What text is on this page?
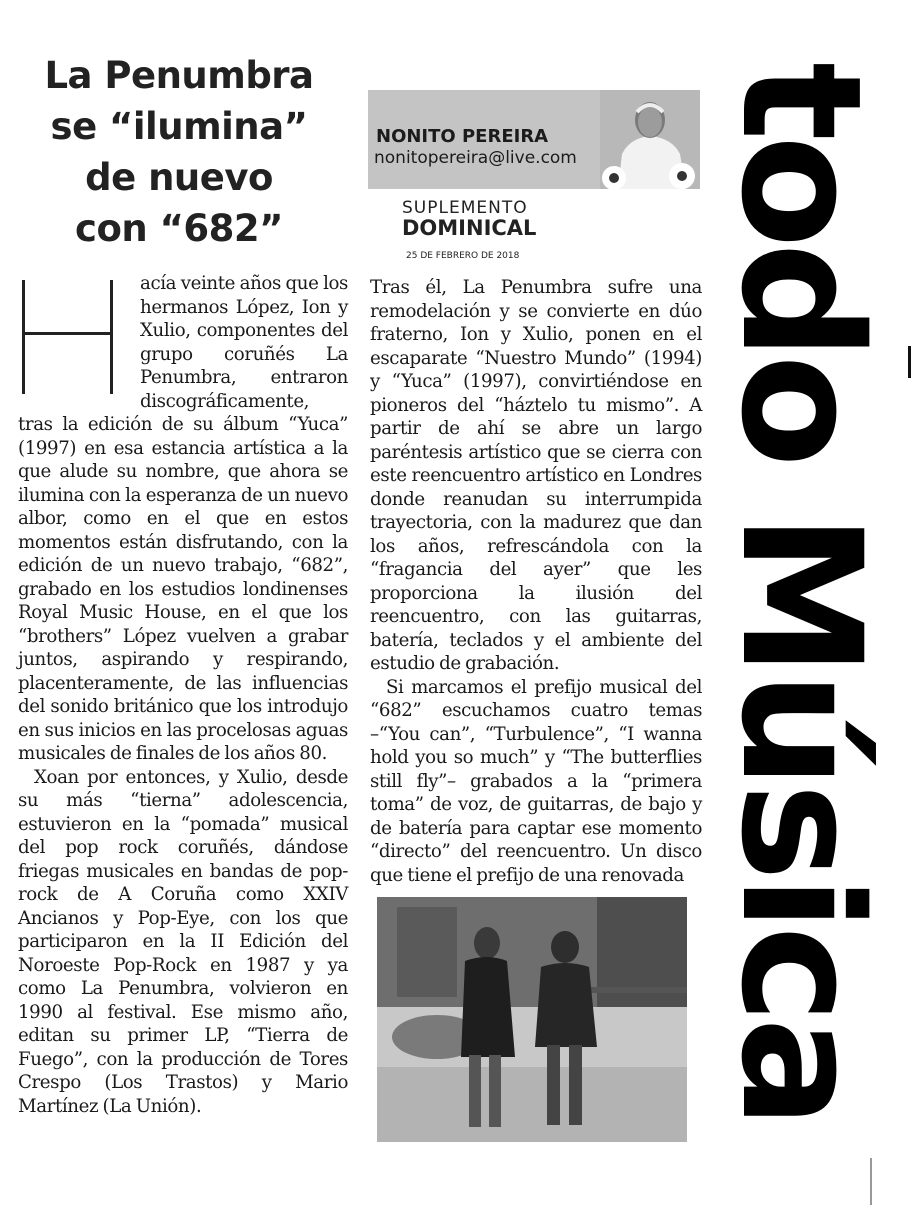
La Penumbra
se “ilumina”
de nuevo
con “682”
NONITO PEREIRA
nonitopereira@live.com
SUPLEMENTO
DOMINICAL
25 DE FEBRERO DE 2018

acía veinte años que los hermanos López, Ion y Xulio, componentes del grupo coruñés La Penumbra, entraron discográficamente, tras la edición de su álbum “Yuca” (1997) en esa estancia artística a la que alude su nombre, que ahora se ilumina con la esperanza de un nuevo albor, como en el que en estos momentos están disfrutando, con la edición de un nuevo trabajo, “682”, grabado en los estudios londinenses Royal Music House, en el que los “brothers” López vuelven a grabar juntos, aspirando y respirando, placenteramente, de las influencias del sonido británico que los introdujo en sus inicios en las procelosas aguas musicales de finales de los años 80.

Xoan por entonces, y Xulio, desde su más “tierna” adolescencia, estuvieron en la “pomada” musical del pop rock coruñés, dándose friegas musicales en bandas de pop-rock de A Coruña como XXIV Ancianos y Pop-Eye, con los que participaron en la II Edición del Noroeste Pop-Rock en 1987 y ya como La Penumbra, volvieron en 1990 al festival. Ese mismo año, editan su primer LP, “Tierra de Fuego”, con la producción de Tores Crespo (Los Trastos) y Mario Martínez (La Unión).

Tras él, La Penumbra sufre una remodelación y se convierte en dúo fraterno, Ion y Xulio, ponen en el escaparate “Nuestro Mundo” (1994) y “Yuca” (1997), convirtiéndose en pioneros del “háztelo tu mismo”. A partir de ahí se abre un largo paréntesis artístico que se cierra con este reencuentro artístico en Londres donde reanudan su interrumpida trayectoria, con la madurez que dan los años, refrescándola con la “fragancia del ayer” que les proporciona la ilusión del reencuentro, con las guitarras, batería, teclados y el ambiente del estudio de grabación.

Si marcamos el prefijo musical del “682” escuchamos cuatro temas –“You can”, “Turbulence”, “I wanna hold you so much” y “The butterflies still fly”– grabados a la “primera toma” de voz, de guitarras, de bajo y de batería para captar ese momento “directo” del reencuentro. Un disco que tiene el prefijo de una renovada todo Música
